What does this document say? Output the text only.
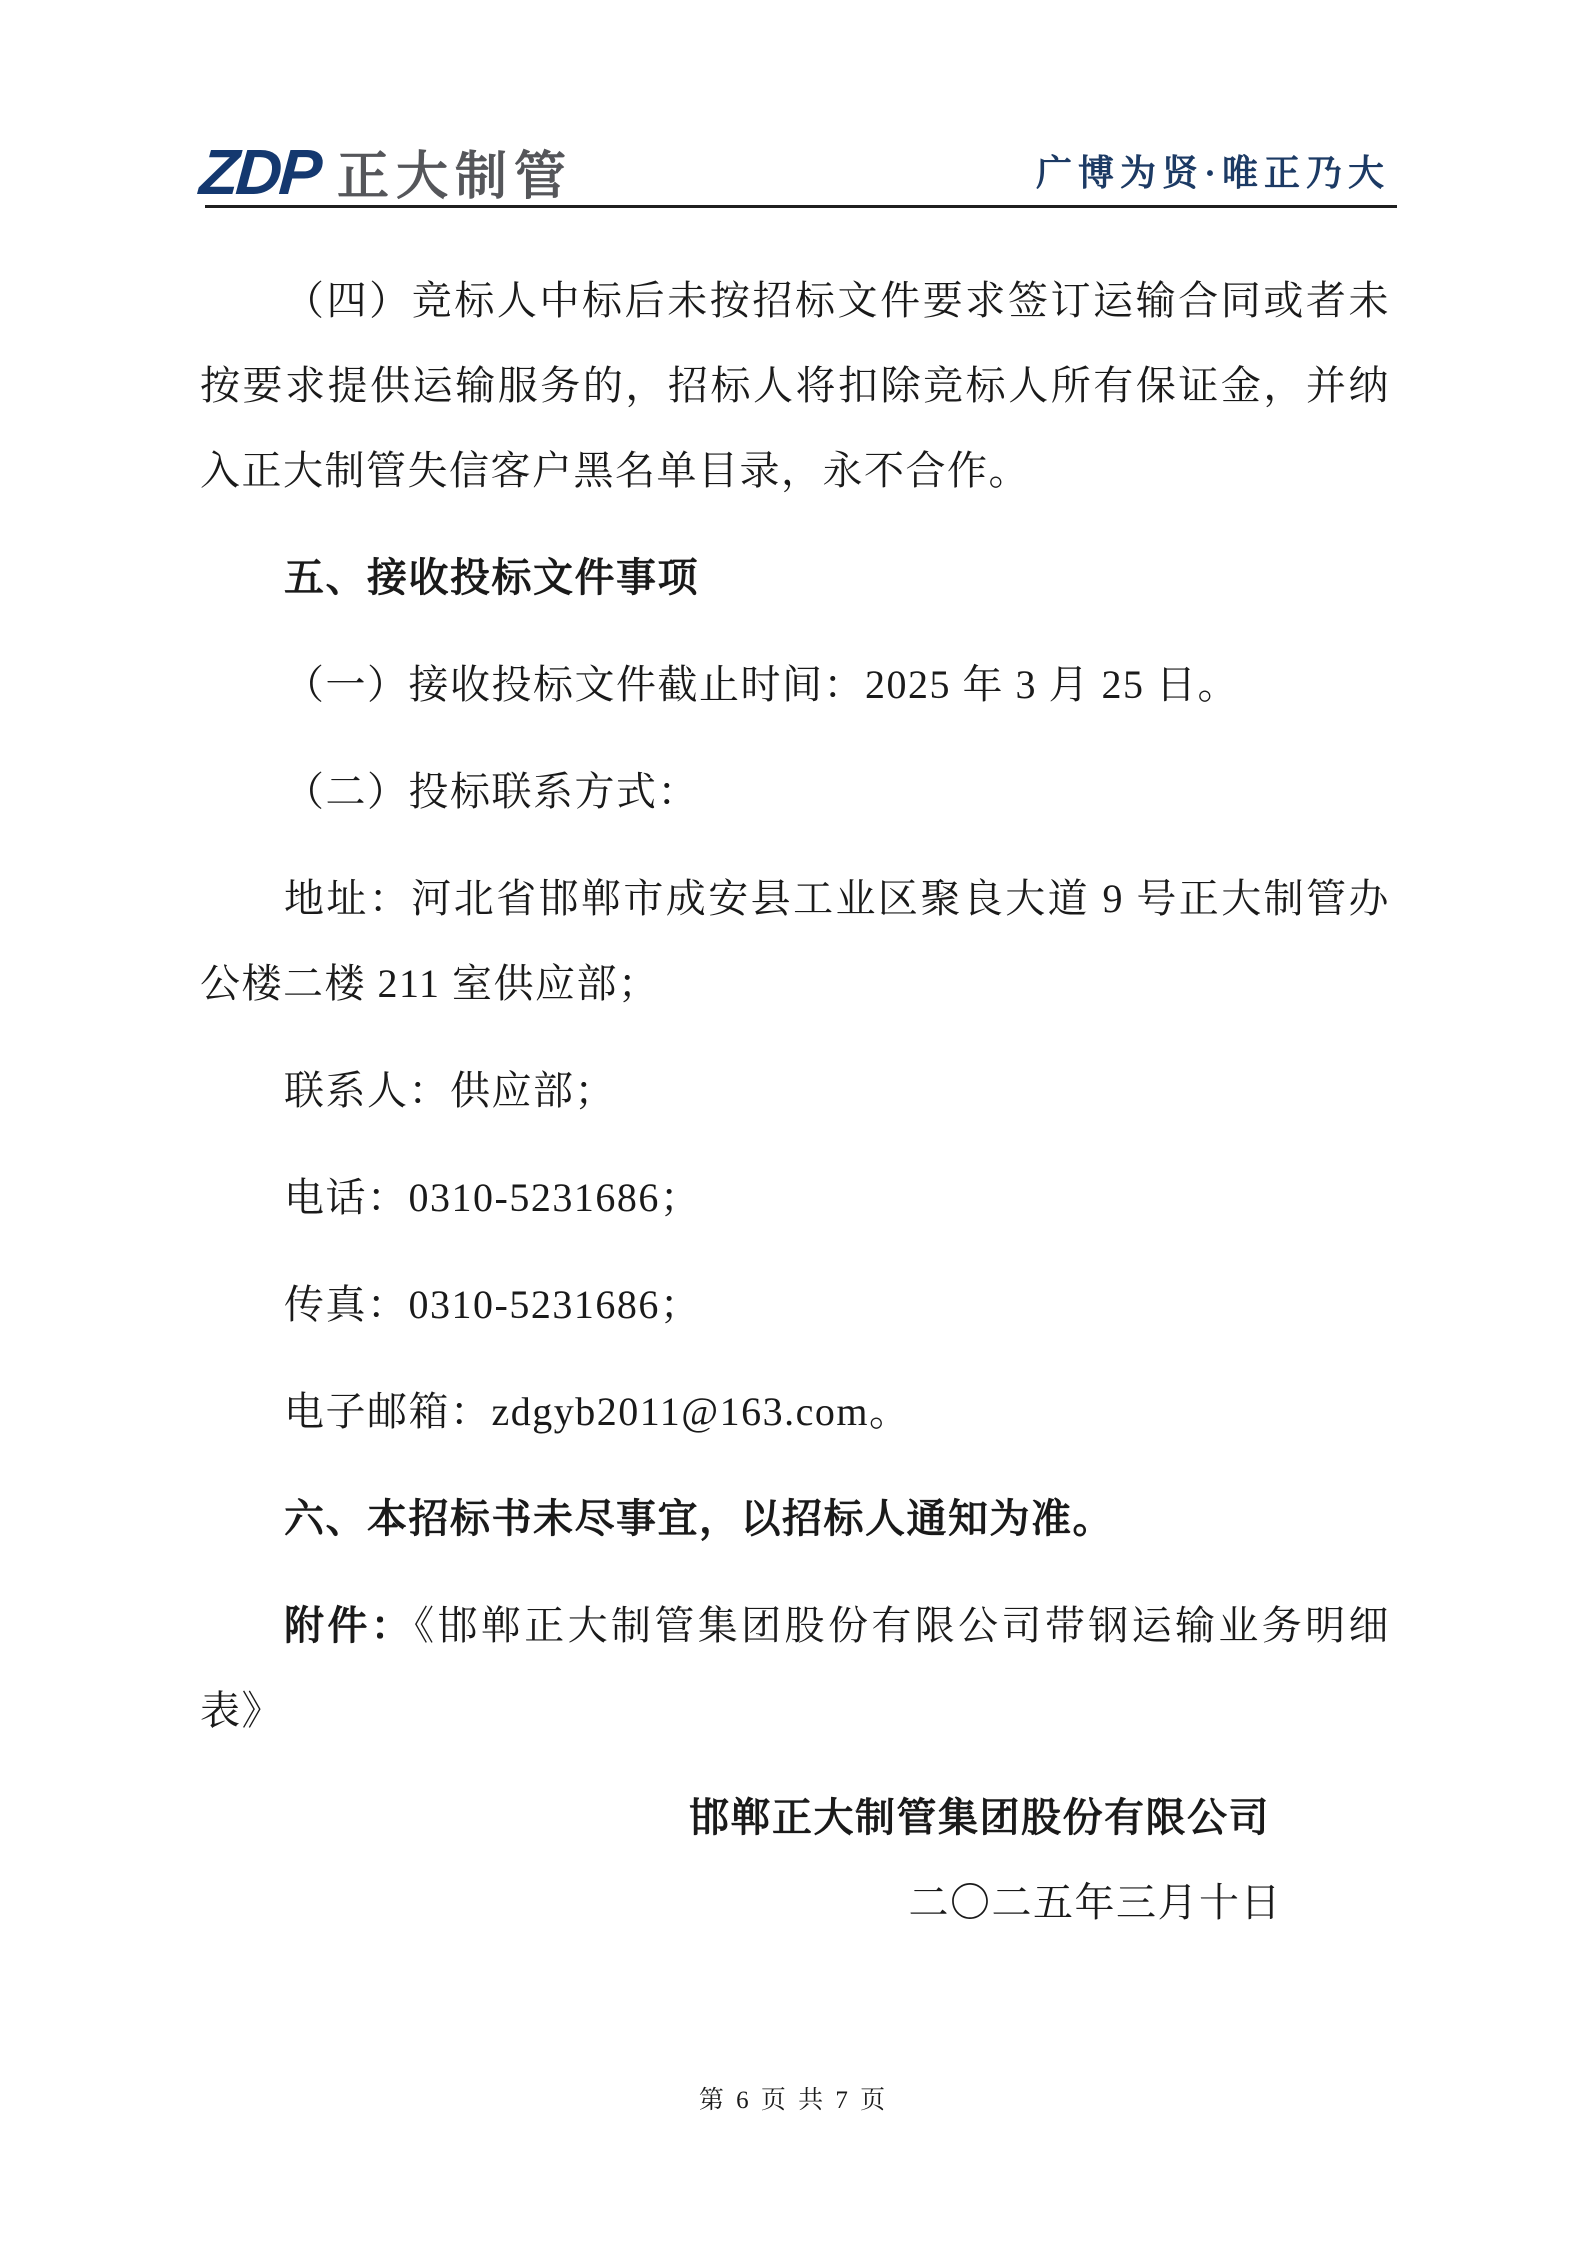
ZDP 正大制管	广博为贤·唯正乃大
（四）竞标人中标后未按招标文件要求签订运输合同或者未
按要求提供运输服务的，招标人将扣除竞标人所有保证金，并纳
入正大制管失信客户黑名单目录，永不合作。
五、接收投标文件事项
（一）接收投标文件截止时间：2025 年 3 月 25 日。
（二）投标联系方式：
地址：河北省邯郸市成安县工业区聚良大道 9 号正大制管办
公楼二楼 211 室供应部；
联系人：供应部；
电话：0310-5231686；
传真：0310-5231686；
电子邮箱：zdgyb2011@163.com。
六、本招标书未尽事宜，以招标人通知为准。
附件：《邯郸正大制管集团股份有限公司带钢运输业务明细
表》
邯郸正大制管集团股份有限公司
二〇二五年三月十日
第 6 页 共 7 页
